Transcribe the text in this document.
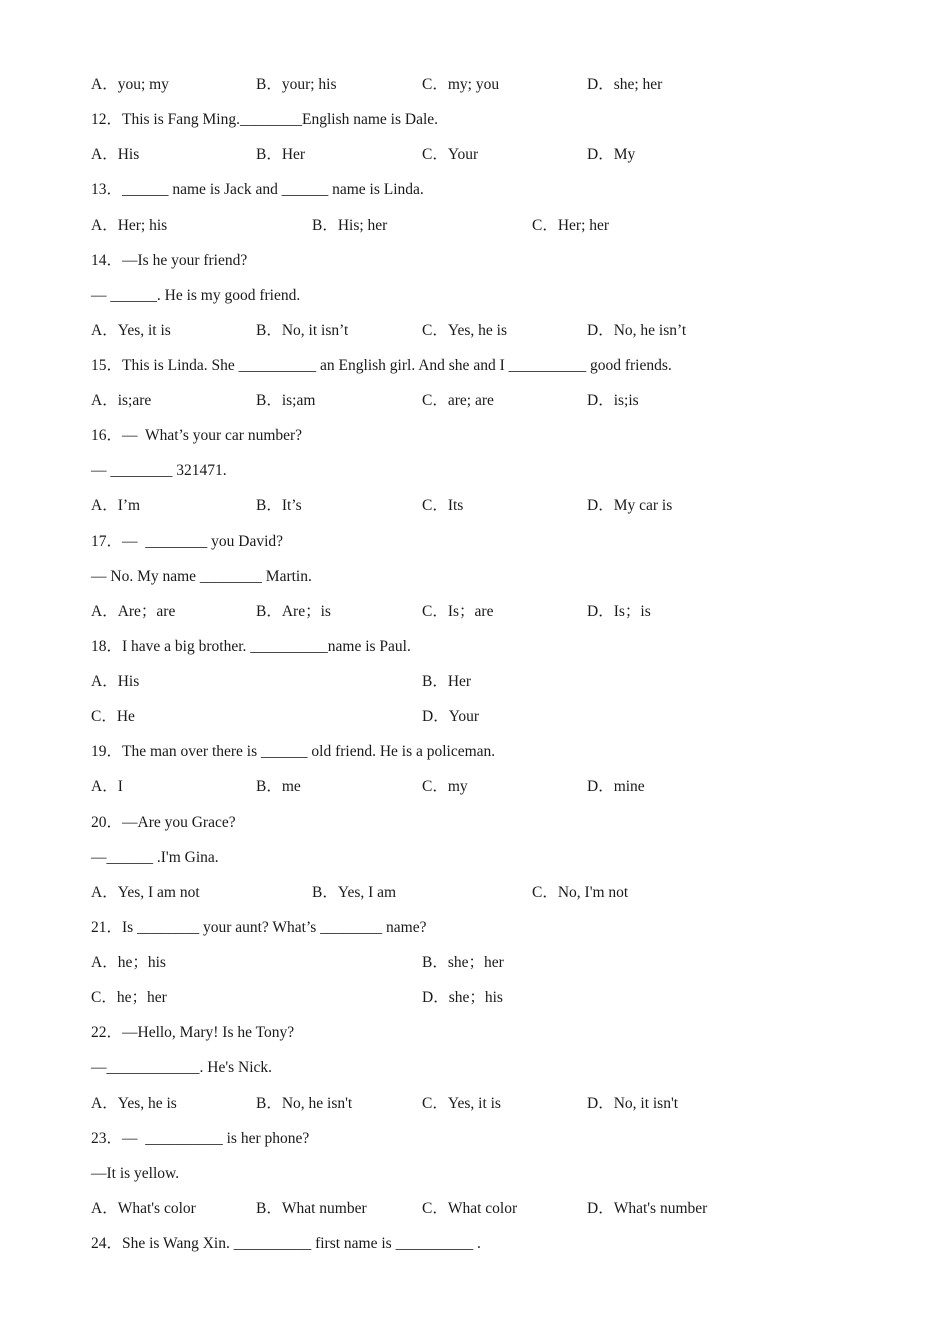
A．you; my	B．your; his	C．my; you	D．she; her
12．This is Fang Ming.________English name is Dale.
A．His	B．Her	C．Your	D．My
13．______ name is Jack and ______ name is Linda.
A．Her; his	B．His; her	C．Her; her
14．—Is he your friend?
— ______. He is my good friend.
A．Yes, it is	B．No, it isn’t	C．Yes, he is	D．No, he isn’t
15．This is Linda. She __________ an English girl. And she and I __________ good friends.
A．is;are	B．is;am	C．are; are	D．is;is
16．—  What’s your car number?
— ________ 321471.
A．I’m	B．It’s	C．Its	D．My car is
17．—  ________ you David?
— No. My name ________ Martin.
A．Are；are	B．Are；is	C．Is；are	D．Is；is
18．I have a big brother. __________name is Paul.
A．His	B．Her
C．He	D．Your
19．The man over there is ______ old friend. He is a policeman.
A．I	B．me	C．my	D．mine
20．—Are you Grace?
—______ .I'm Gina.
A．Yes, I am not	B．Yes, I am	C．No, I'm not
21．Is ________ your aunt? What’s ________ name?
A．he；his	B．she；her
C．he；her	D．she；his
22．—Hello, Mary! Is he Tony?
—____________. He's Nick.
A．Yes, he is	B．No, he isn't	C．Yes, it is	D．No, it isn't
23．—  __________ is her phone?
—It is yellow.
A．What's color	B．What number	C．What color	D．What's number
24．She is Wang Xin. __________ first name is __________ .
